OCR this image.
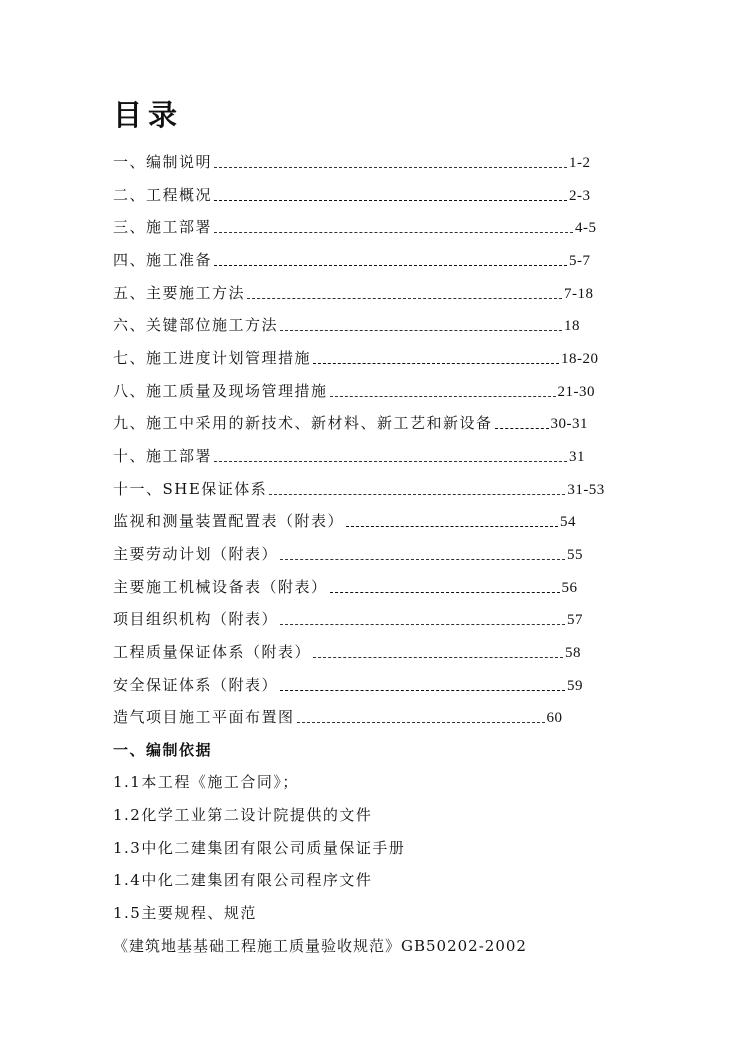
目录
一、编制说明	1-2
二、工程概况	2-3
三、施工部署	4-5
四、施工准备	5-7
五、主要施工方法	7-18
六、关键部位施工方法	18
七、施工进度计划管理措施	18-20
八、施工质量及现场管理措施	21-30
九、施工中采用的新技术、新材料、新工艺和新设备	30-31
十、施工部署	31
十一、SHE保证体系	31-53
监视和测量装置配置表（附表）	54
主要劳动计划（附表）	55
主要施工机械设备表（附表）	56
项目组织机构（附表）	57
工程质量保证体系（附表）	58
安全保证体系（附表）	59
造气项目施工平面布置图	60
一、编制依据
1.1本工程《施工合同》；
1.2化学工业第二设计院提供的文件
1.3中化二建集团有限公司质量保证手册
1.4中化二建集团有限公司程序文件
1.5主要规程、规范
《建筑地基基础工程施工质量验收规范》GB50202-2002
